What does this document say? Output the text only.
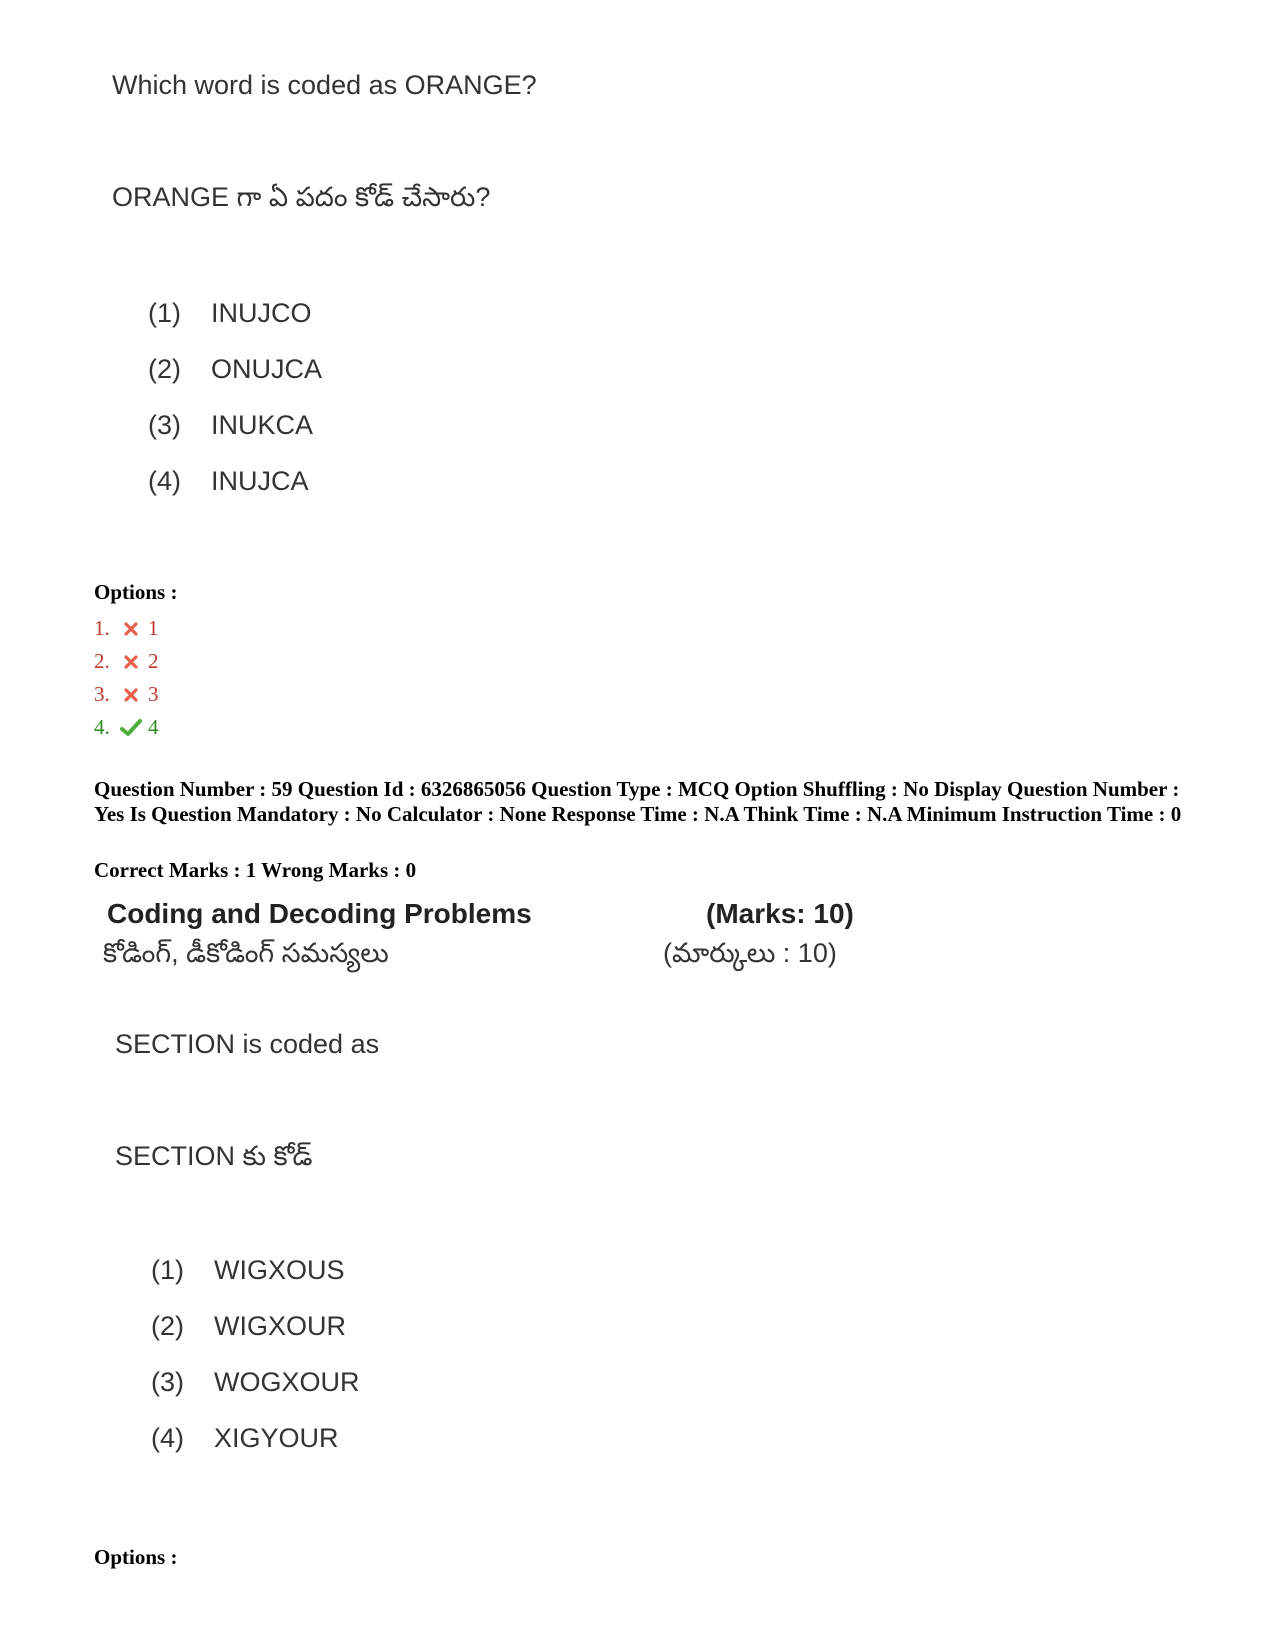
Which word is coded as ORANGE?
ORANGE గా ఏ పదం కోడ్ చేసారు?
(1) INUJCO
(2) ONUJCA
(3) INUKCA
(4) INUJCA
Options :
1. 1
2. 2
3. 3
4. 4
Question Number : 59 Question Id : 6326865056 Question Type : MCQ Option Shuffling : No Display Question Number : Yes Is Question Mandatory : No Calculator : None Response Time : N.A Think Time : N.A Minimum Instruction Time : 0
Correct Marks : 1 Wrong Marks : 0
Coding and Decoding Problems	(Marks: 10)
కోడింగ్, డీకోడింగ్ సమస్యలు	(మార్కులు : 10)
SECTION is coded as
SECTION కు కోడ్
(1) WIGXOUS
(2) WIGXOUR
(3) WOGXOUR
(4) XIGYOUR
Options :
